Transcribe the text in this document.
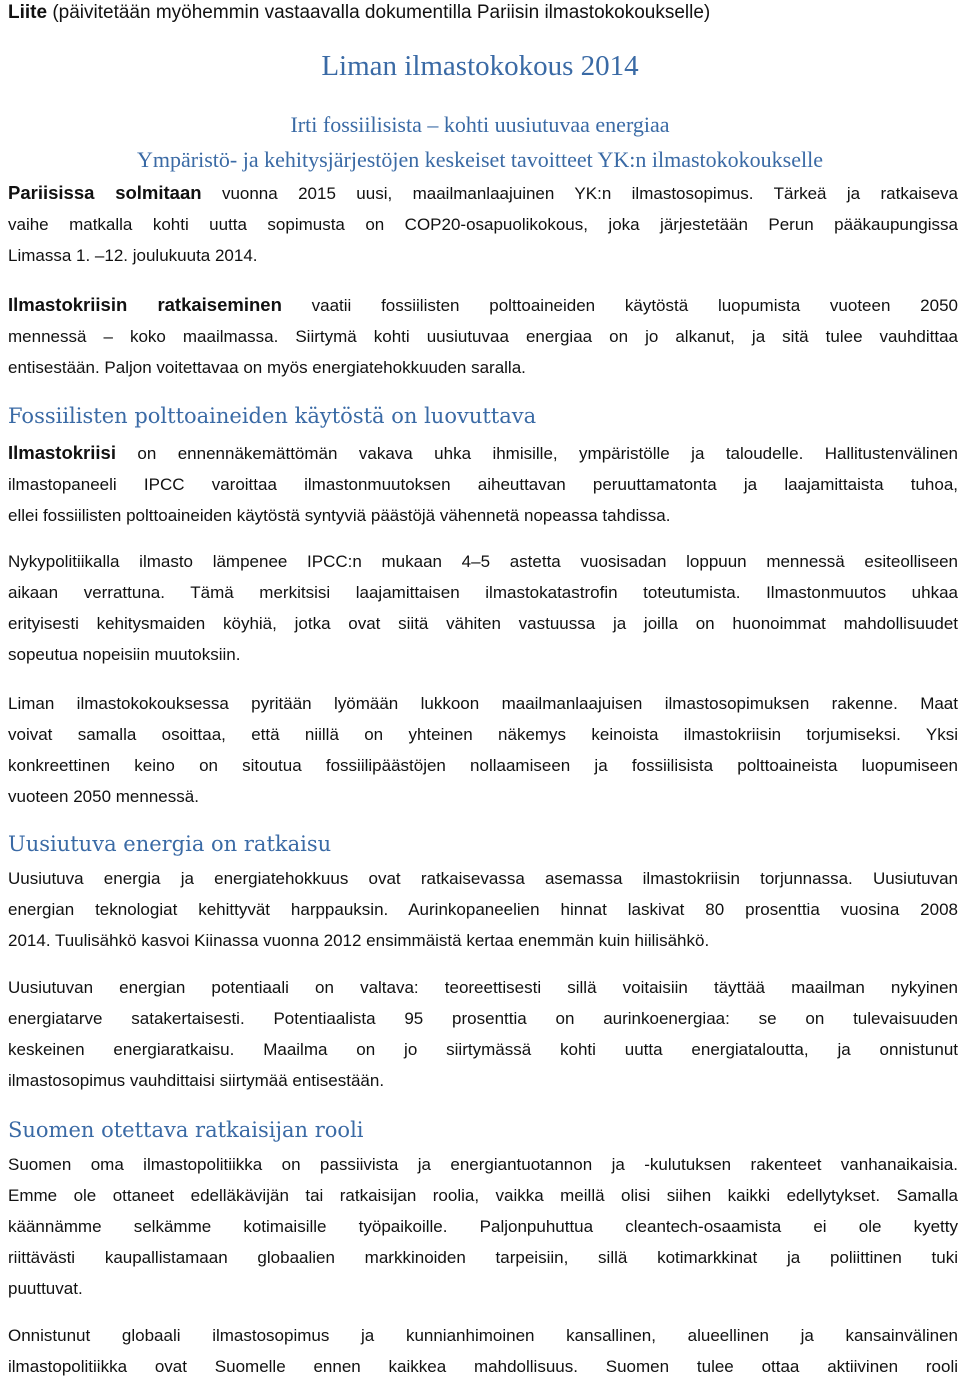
Liite (päivitetään myöhemmin vastaavalla dokumentilla Pariisin ilmastokokoukselle)
Liman ilmastokokous 2014
Irti fossiilisista – kohti uusiutuvaa energiaa
Ympäristö- ja kehitysjärjestöjen keskeiset tavoitteet YK:n ilmastokokoukselle
Pariisissa solmitaan vuonna 2015 uusi, maailmanlaajuinen YK:n ilmastosopimus. Tärkeä ja ratkaiseva
vaihe matkalla kohti uutta sopimusta on COP20-osapuolikokous, joka järjestetään Perun pääkaupungissa
Limassa 1. –12. joulukuuta 2014.
Ilmastokriisin ratkaiseminen vaatii fossiilisten polttoaineiden käytöstä luopumista vuoteen 2050
mennessä – koko maailmassa. Siirtymä kohti uusiutuvaa energiaa on jo alkanut, ja sitä tulee vauhdittaa
entisestään. Paljon voitettavaa on myös energiatehokkuuden saralla.
Fossiilisten polttoaineiden käytöstä on luovuttava
Ilmastokriisi on ennennäkemättömän vakava uhka ihmisille, ympäristölle ja taloudelle. Hallitustenvälinen
ilmastopaneeli IPCC varoittaa ilmastonmuutoksen aiheuttavan peruuttamatonta ja laajamittaista tuhoa,
ellei fossiilisten polttoaineiden käytöstä syntyviä päästöjä vähennetä nopeassa tahdissa.
Nykypolitiikalla ilmasto lämpenee IPCC:n mukaan 4–5 astetta vuosisadan loppuun mennessä esiteolliseen
aikaan verrattuna. Tämä merkitsisi laajamittaisen ilmastokatastrofin toteutumista. Ilmastonmuutos uhkaa
erityisesti kehitysmaiden köyhiä, jotka ovat siitä vähiten vastuussa ja joilla on huonoimmat mahdollisuudet
sopeutua nopeisiin muutoksiin.
Liman ilmastokokouksessa pyritään lyömään lukkoon maailmanlaajuisen ilmastosopimuksen rakenne. Maat
voivat samalla osoittaa, että niillä on yhteinen näkemys keinoista ilmastokriisin torjumiseksi. Yksi
konkreettinen keino on sitoutua fossiilipäästöjen nollaamiseen ja fossiilisista polttoaineista luopumiseen
vuoteen 2050 mennessä.
Uusiutuva energia on ratkaisu
Uusiutuva energia ja energiatehokkuus ovat ratkaisevassa asemassa ilmastokriisin torjunnassa. Uusiutuvan
energian teknologiat kehittyvät harppauksin. Aurinkopaneelien hinnat laskivat 80 prosenttia vuosina 2008
2014. Tuulisähkö kasvoi Kiinassa vuonna 2012 ensimmäistä kertaa enemmän kuin hiilisähkö.
Uusiutuvan energian potentiaali on valtava: teoreettisesti sillä voitaisiin täyttää maailman nykyinen
energiatarve satakertaisesti. Potentiaalista 95 prosenttia on aurinkoenergiaa: se on tulevaisuuden
keskeinen energiaratkaisu. Maailma on jo siirtymässä kohti uutta energiataloutta, ja onnistunut
ilmastosopimus vauhdittaisi siirtymää entisestään.
Suomen otettava ratkaisijan rooli
Suomen oma ilmastopolitiikka on passiivista ja energiantuotannon ja -kulutuksen rakenteet vanhanaikaisia.
Emme ole ottaneet edelläkävijän tai ratkaisijan roolia, vaikka meillä olisi siihen kaikki edellytykset. Samalla
käännämme selkämme kotimaisille työpaikoille. Paljonpuhuttua cleantech-osaamista ei ole kyetty
riittävästi kaupallistamaan globaalien markkinoiden tarpeisiin, sillä kotimarkkinat ja poliittinen tuki
puuttuvat.
Onnistunut globaali ilmastosopimus ja kunnianhimoinen kansallinen, alueellinen ja kansainvälinen
ilmastopolitiikka ovat Suomelle ennen kaikkea mahdollisuus. Suomen tulee ottaa aktiivinen rooli
